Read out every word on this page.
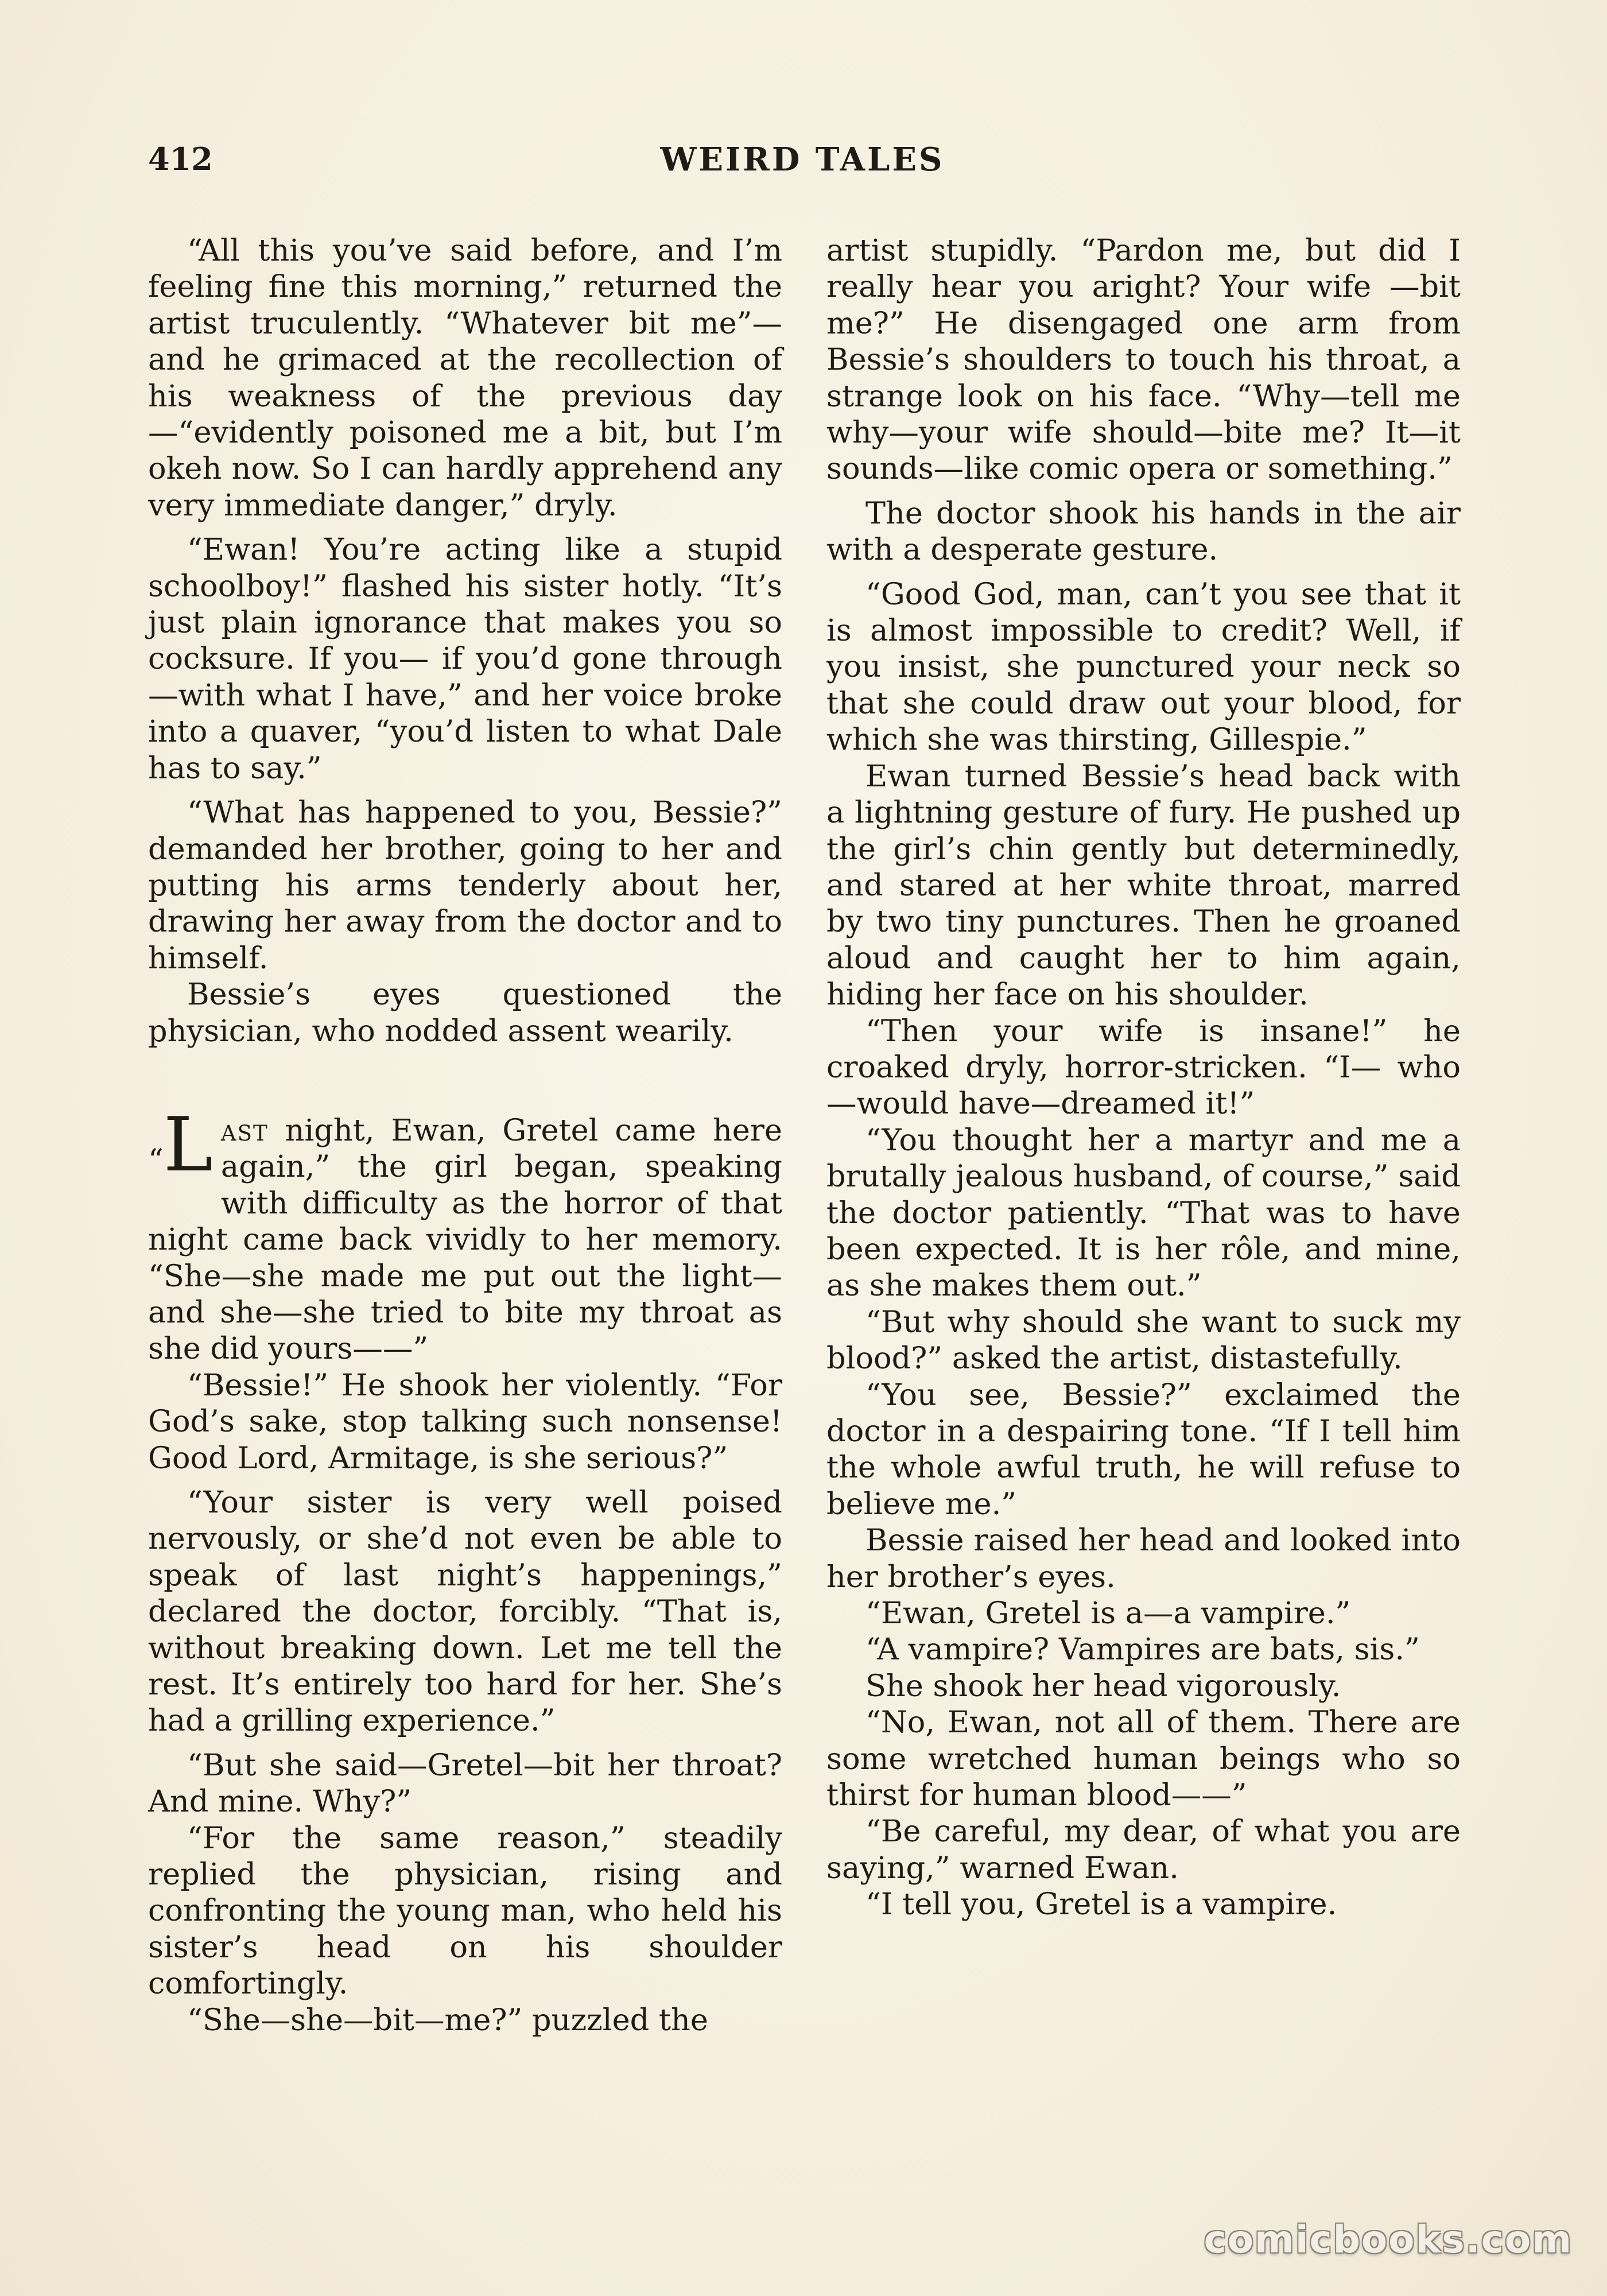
412	WEIRD TALES

“All this you’ve said before, and I’m feeling fine this morning,” returned the artist truculently. “Whatever bit me”—and he grimaced at the recollection of his weakness of the previous day—“evidently poisoned me a bit, but I’m okeh now. So I can hardly apprehend any very immediate danger,” dryly.

“Ewan! You’re acting like a stupid schoolboy!” flashed his sister hotly. “It’s just plain ignorance that makes you so cocksure. If you— if you’d gone through—with what I have,” and her voice broke into a quaver, “you’d listen to what Dale has to say.”

“What has happened to you, Bessie?” demanded her brother, going to her and putting his arms tenderly about her, drawing her away from the doctor and to himself.

Bessie’s eyes questioned the physician, who nodded assent wearily.

“L ast night, Ewan, Gretel came here again,” the girl began, speaking with difficulty as the horror of that night came back vividly to her memory. “She—she made me put out the light—and she—she tried to bite my throat as she did yours——”

“Bessie!” He shook her violently. “For God’s sake, stop talking such nonsense! Good Lord, Armitage, is she serious?”

“Your sister is very well poised nervously, or she’d not even be able to speak of last night’s happenings,” declared the doctor, forcibly. “That is, without breaking down. Let me tell the rest. It’s entirely too hard for her. She’s had a grilling experience.”

“But she said—Gretel—bit her throat? And mine. Why?”

“For the same reason,” steadily replied the physician, rising and confronting the young man, who held his sister’s head on his shoulder comfortingly.

“She—she—bit—me?” puzzled the

artist stupidly. “Pardon me, but did I really hear you aright? Your wife —bit me?” He disengaged one arm from Bessie’s shoulders to touch his throat, a strange look on his face. “Why—tell me why—your wife should—bite me? It—it sounds—like comic opera or something.”

The doctor shook his hands in the air with a desperate gesture.

“Good God, man, can’t you see that it is almost impossible to credit? Well, if you insist, she punctured your neck so that she could draw out your blood, for which she was thirsting, Gillespie.”

Ewan turned Bessie’s head back with a lightning gesture of fury. He pushed up the girl’s chin gently but determinedly, and stared at her white throat, marred by two tiny punctures. Then he groaned aloud and caught her to him again, hiding her face on his shoulder.

“Then your wife is insane!” he croaked dryly, horror-stricken. “I— who—would have—dreamed it!”

“You thought her a martyr and me a brutally jealous husband, of course,” said the doctor patiently. “That was to have been expected. It is her rôle, and mine, as she makes them out.”

“But why should she want to suck my blood?” asked the artist, distastefully.

“You see, Bessie?” exclaimed the doctor in a despairing tone. “If I tell him the whole awful truth, he will refuse to believe me.”

Bessie raised her head and looked into her brother’s eyes.

“Ewan, Gretel is a—a vampire.”

“A vampire? Vampires are bats, sis.”

She shook her head vigorously.

“No, Ewan, not all of them. There are some wretched human beings who so thirst for human blood——”

“Be careful, my dear, of what you are saying,” warned Ewan.

“I tell you, Gretel is a vampire.

comicbooks.com
